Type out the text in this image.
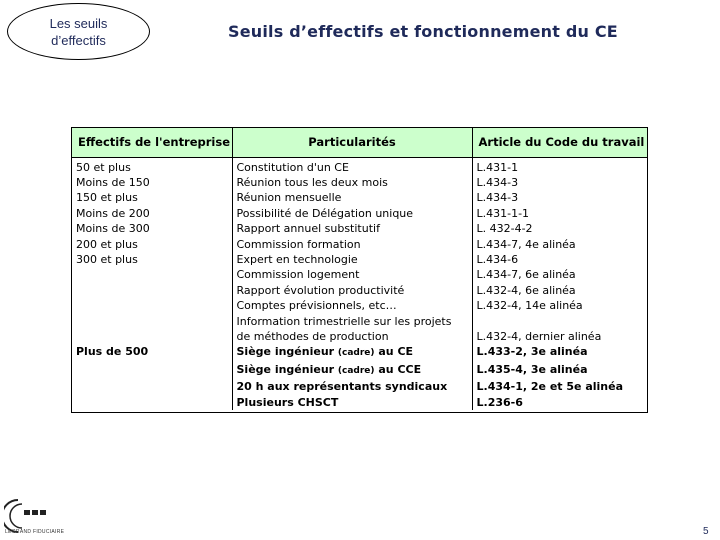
Les seuils
d’effectifs	Seuils d’effectifs et fonctionnement du CE
Effectifs de l'entreprise	Particularités	Article du Code du travail
50 et plus	Constitution d'un CE	L.431-1
Moins de 150	Réunion tous les deux mois	L.434-3
150 et plus	Réunion mensuelle	L.434-3
Moins de 200	Possibilité de Délégation unique	L.431-1-1
Moins de 300	Rapport annuel substitutif	L. 432-4-2
200 et plus	Commission formation	L.434-7, 4e alinéa
300 et plus	Expert en technologie	L.434-6
	Commission logement	L.434-7, 6e alinéa
	Rapport évolution productivité	L.432-4, 6e alinéa
	Comptes prévisionnels, etc…	L.432-4, 14e alinéa
	Information trimestrielle sur les projets	
	de méthodes de production	L.432-4, dernier alinéa
Plus de 500	Siège ingénieur (cadre) au CE	L.433-2, 3e alinéa
	Siège ingénieur (cadre) au CCE	L.435-4, 3e alinéa
	20 h aux représentants syndicaux	L.434-1, 2e et 5e alinéa
	Plusieurs CHSCT	L.236-6
LEGRAND FIDUCIAIRE	5
